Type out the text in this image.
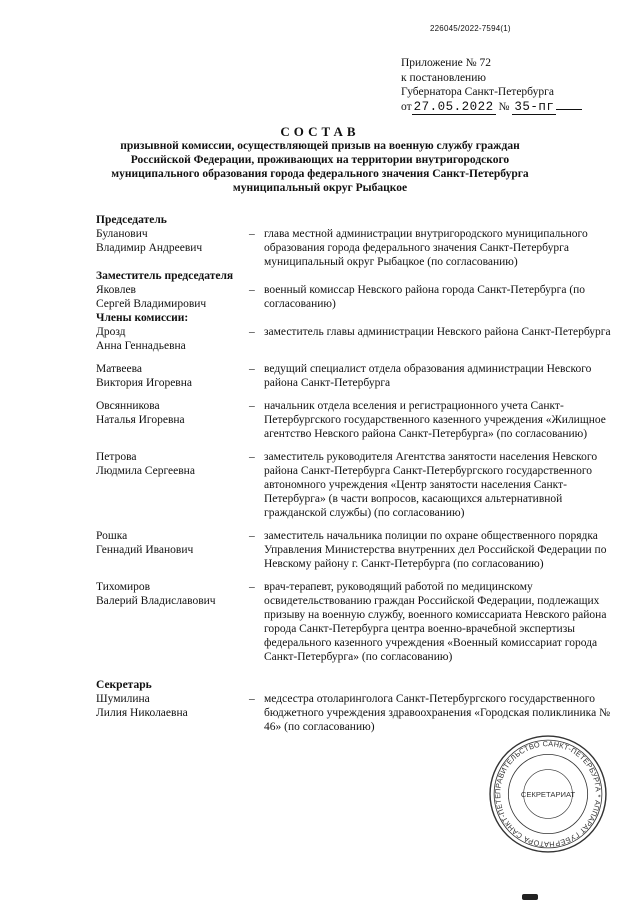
226045/2022-7594(1)
Приложение № 72
к постановлению
Губернатора Санкт-Петербурга
от 27.05.2022 № 35-пг
СОСТАВ
призывной комиссии, осуществляющей призыв на военную службу граждан Российской Федерации, проживающих на территории внутригородского муниципального образования города федерального значения Санкт-Петербурга муниципальный округ Рыбацкое
Председатель
Буланович
Владимир Андреевич
– глава местной администрации внутригородского муниципального образования города федерального значения Санкт-Петербурга муниципальный округ Рыбацкое (по согласованию)
Заместитель председателя
Яковлев
Сергей Владимирович
– военный комиссар Невского района города Санкт-Петербурга (по согласованию)
Члены комиссии:
Дрозд
Анна Геннадьевна
– заместитель главы администрации Невского района Санкт-Петербурга
Матвеева
Виктория Игоревна
– ведущий специалист отдела образования администрации Невского района Санкт-Петербурга
Овсянникова
Наталья Игоревна
– начальник отдела вселения и регистрационного учета Санкт-Петербургского государственного казенного учреждения «Жилищное агентство Невского района Санкт-Петербурга» (по согласованию)
Петрова
Людмила Сергеевна
– заместитель руководителя Агентства занятости населения Невского района Санкт-Петербурга Санкт-Петербургского государственного автономного учреждения «Центр занятости населения Санкт-Петербурга» (в части вопросов, касающихся альтернативной гражданской службы) (по согласованию)
Рошка
Геннадий Иванович
– заместитель начальника полиции по охране общественного порядка Управления Министерства внутренних дел Российской Федерации по Невскому району г. Санкт-Петербурга (по согласованию)
Тихомиров
Валерий Владиславович
– врач-терапевт, руководящий работой по медицинскому освидетельствованию граждан Российской Федерации, подлежащих призыву на военную службу, военного комиссариата Невского района города Санкт-Петербурга центра военно-врачебной экспертизы федерального казенного учреждения «Военный комиссариат города Санкт-Петербурга» (по согласованию)
Секретарь
Шумилина
Лилия Николаевна
– медсестра отоларинголога Санкт-Петербургского государственного бюджетного учреждения здравоохранения «Городская поликлиника № 46» (по согласованию)
ПРАВИТЕЛЬСТВО САНКТ-ПЕТЕРБУРГА * АППАРАТ ГУБЕРНАТОРА САНКТ-ПЕТЕ	СЕКРЕТАРИАТ
